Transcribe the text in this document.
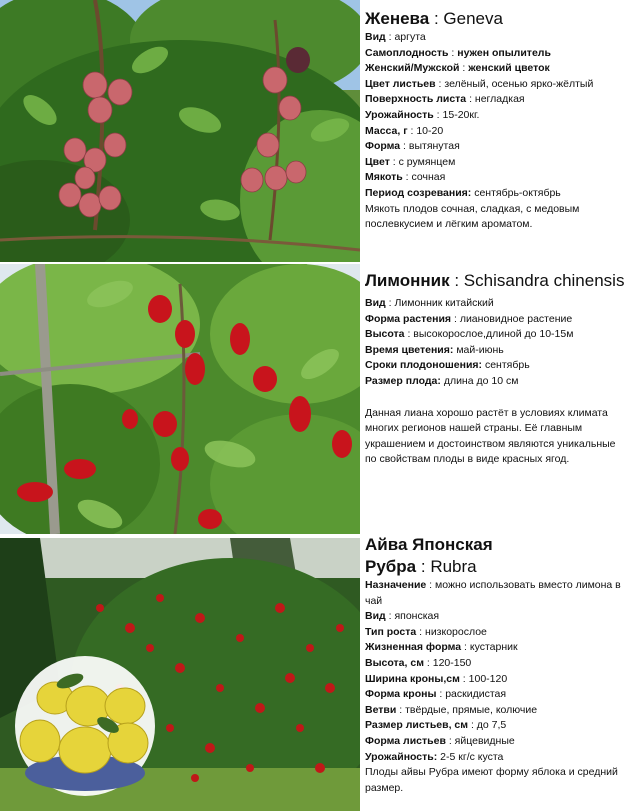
Женева : Geneva
Вид : аргута
Самоплодность : нужен опылитель
Женский/Мужской : женский цветок
Цвет листьев : зелёный, осенью ярко-жёлтый
Поверхность листа : негладкая
Урожайность : 15-20кг.
Масса, г : 10-20
Форма : вытянутая
Цвет : с румянцем
Мякоть : сочная
Период созревания: сентябрь-октябрь
Мякоть плодов сочная, сладкая, с медовым послевкусием и лёгким ароматом.
Лимонник : Schisandra chinensis
Вид : Лимонник китайский
Форма растения : лиановидное растение
Высота : высокорослое,длиной до 10-15м
Время цветения: май-июнь
Сроки плодоношения: сентябрь
Размер плода: длина до 10 см
Данная лиана хорошо растёт в условиях климата многих регионов нашей страны. Её главным украшением и достоинством являются уникальные по свойствам плоды в виде красных ягод.
Айва Японская
Рубра : Rubra
Назначение : можно использовать вместо лимона в чай
Вид : японская
Тип роста : низкорослое
Жизненная форма : кустарник
Высота, см : 120-150
Ширина кроны,см : 100-120
Форма кроны : раскидистая
Ветви : твёрдые, прямые, колючие
Размер листьев, см : до 7,5
Форма листьев : яйцевидные
Урожайность: 2-5 кг/с куста
Плоды айвы Рубра имеют форму яблока и средний размер.
